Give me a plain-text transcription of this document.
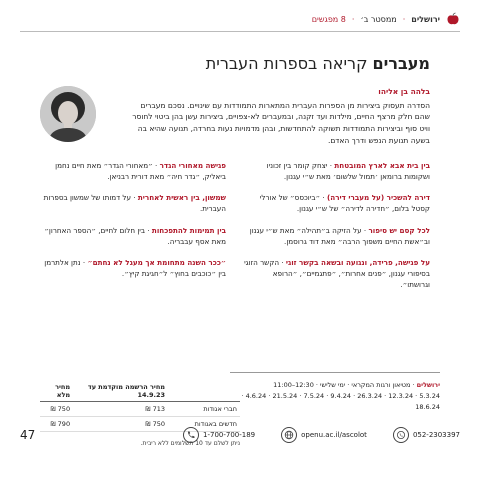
ירושלים
·
ממסטר ב׳
·
8 מפגשים
מעברים קריאה בספרות העברית
בלהה בן אליהו
הסדרה תעסוק ביצירות מן הספרות העברית המתארות התמודדות עם שינויים. נסכם מעברים שהם חלק מרצף החיים, מילדות ועד זקנה, ובמעברים לא-צפויים, ביצירות עשן בהן ביטוי לחוסר וויט סוף וביצירות התמודדות תשוקה להתחדשות, ובהן מדמויות נעות בחרדה, תנועה שהיא בה בשעה תנועת הנפש ודרך האדם.
בין בית אבא לארץ המובטחת · יצחק קומר בין זכוניו ושקומות ברומאן ׳תמול שלשום׳ מאת ש״י עגנון.
פגישה מאחורי הגדר · ״מאחורי הגדר״ מאת חיים נחמן ביאליק, ״גדר חיה״ מאת דורית רבניאן.
דירה להשכיר (על מעברי דירה) · ״ביוכסס״ של אורלי קסטל בלום, ״חדירה לדירה״ של ש״י עגנון.
שמשון, בין ראשית לאחרית · על דמותו של שמשון בספרות העברית.
לכל קסם יש סיפור · על הזיקה ב״תהילה״ מאת ש״י עגנון וב״אשת החיים משפוך הרבה״ מאת דוד גרוסמן.
בין תמימות להתפכחות · בין חלום לחיים, ״הספר האחרון״ מאת אסף עבבריה.
על פגישה, פרידה, ונגועה ובשאה בקשר זוגי · הקשר הזוגי בסיפורי עגנון, ״פנים אחרות״, ״פתגמיים״, ״הרופא וגרושתו״.
״ככר השנה מתחומת אך מעגל לא נחתם״ · נתן אלתרמן בין ״כוכבים בחוץ״ ל״חגיגת קיץ״.
ירושלים · מטיאון ורגות המקראי · ימי שלישי · 12:30–11:00
5.3.24 · 12.3.24 · 26.3.24 · 9.4.24 · 7.5.24 · 21.5.24 · 4.6.24 · 18.6.24
	מחיר הרשמה מוקדמת עד 14.9.23	מחיר מלא
חברי אגודות	713 ₪	750 ₪
חדשים באגודות	750 ₪	790 ₪
ניתן לשלם עד 10 תשלומים ללא ריבית.
47	1-700-700-189	openu.ac.il/ascolot	052-2303397
